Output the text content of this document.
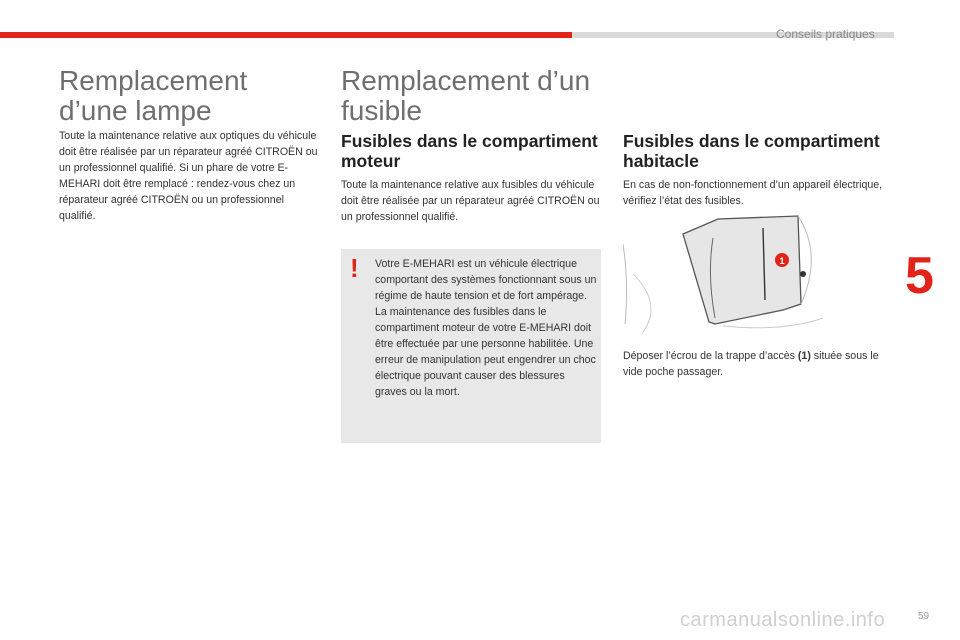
Conseils pratiques
Remplacement d’une lampe

Toute la maintenance relative aux optiques du véhicule doit être réalisée par un réparateur agréé CITROËN ou un professionnel qualifié. Si un phare de votre E-MEHARI doit être remplacé : rendez-vous chez un réparateur agréé CITROËN ou un professionnel qualifié.

Remplacement d’un fusible
Fusibles dans le compartiment moteur

Toute la maintenance relative aux fusibles du véhicule doit être réalisée par un réparateur agréé CITROËN ou un professionnel qualifié.

! Votre E-MEHARI est un véhicule électrique comportant des systèmes fonctionnant sous un régime de haute tension et de fort ampérage. La maintenance des fusibles dans le compartiment moteur de votre E-MEHARI doit être effectuée par une personne habilitée. Une erreur de manipulation peut engendrer un choc électrique pouvant causer des blessures graves ou la mort.

Fusibles dans le compartiment habitacle

En cas de non-fonctionnement d’un appareil électrique, vérifiez l’état des fusibles.

1

Déposer l’écrou de la trappe d’accès (1) située sous le vide poche passager.

5
59
carmanualsonline.info
